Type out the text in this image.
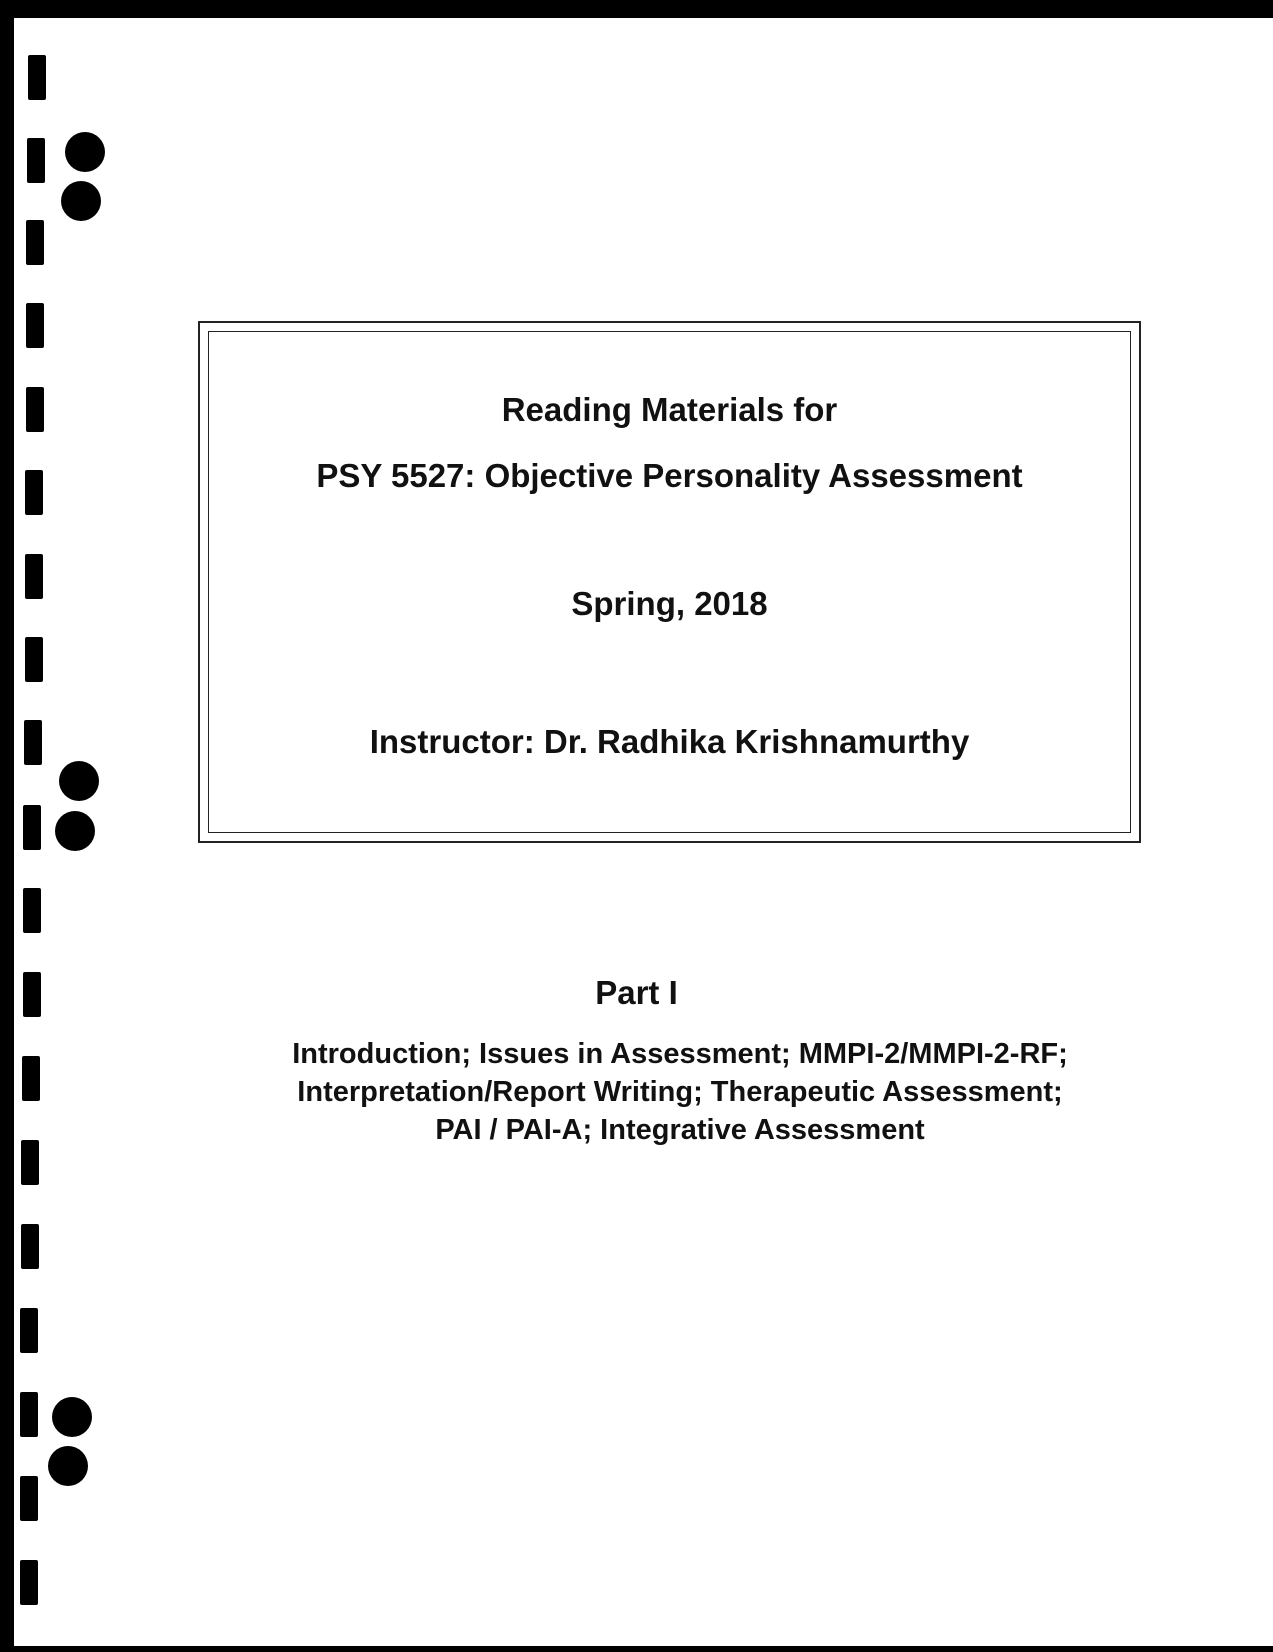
Reading Materials for
PSY 5527: Objective Personality Assessment
Spring, 2018
Instructor: Dr. Radhika Krishnamurthy
Part I
Introduction; Issues in Assessment; MMPI-2/MMPI-2-RF;
Interpretation/Report Writing; Therapeutic Assessment;
PAI / PAI-A; Integrative Assessment
